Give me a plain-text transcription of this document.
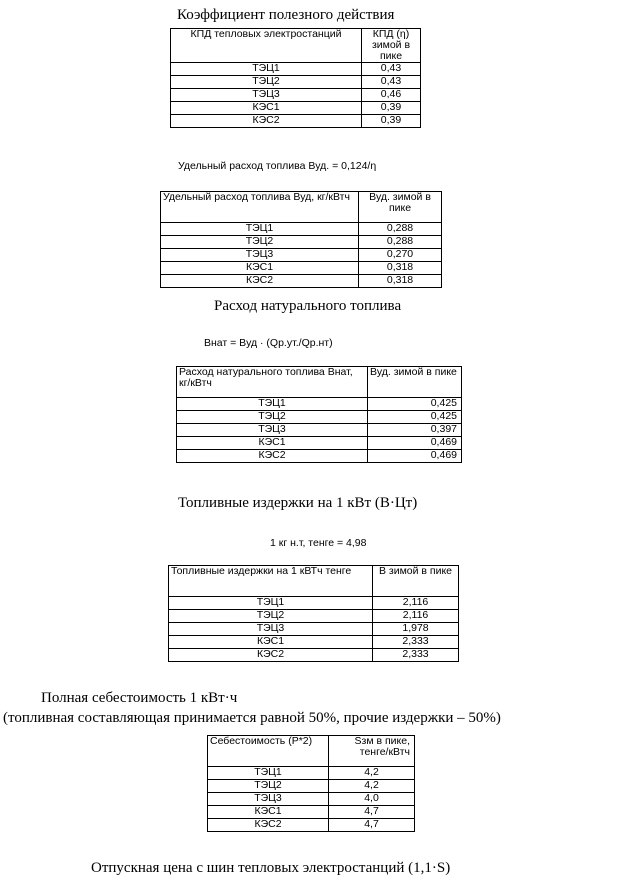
Коэффициент полезного действия
КПД тепловых электростанций	КПД (η) зимой в пике
ТЭЦ1	0,43
ТЭЦ2	0,43
ТЭЦ3	0,46
КЭС1	0,39
КЭС2	0,39
Удельный расход топлива Вуд. = 0,124/η
Удельный расход топлива Вуд, кг/кВтч	Вуд. зимой в пике
ТЭЦ1	0,288
ТЭЦ2	0,288
ТЭЦ3	0,270
КЭС1	0,318
КЭС2	0,318
Расход натурального топлива
Внат = Вуд · (Qр.ут./Qр.нт)
Расход натурального топлива Внат, кг/кВтч	Вуд. зимой в пике
ТЭЦ1	0,425
ТЭЦ2	0,425
ТЭЦ3	0,397
КЭС1	0,469
КЭС2	0,469
Топливные издержки на 1 кВт (В·Цт)
1 кг н.т, тенге = 4,98
Топливные издержки на 1 кВТч тенге	В зимой в пике
ТЭЦ1	2,116
ТЭЦ2	2,116
ТЭЦ3	1,978
КЭС1	2,333
КЭС2	2,333
Полная себестоимость 1 кВт·ч
(топливная составляющая принимается равной 50%, прочие издержки – 50%)
Себестоимость (Р*2)	Sзм в пике, тенге/кВтч
ТЭЦ1	4,2
ТЭЦ2	4,2
ТЭЦ3	4,0
КЭС1	4,7
КЭС2	4,7
Отпускная цена с шин тепловых электростанций (1,1·S)
